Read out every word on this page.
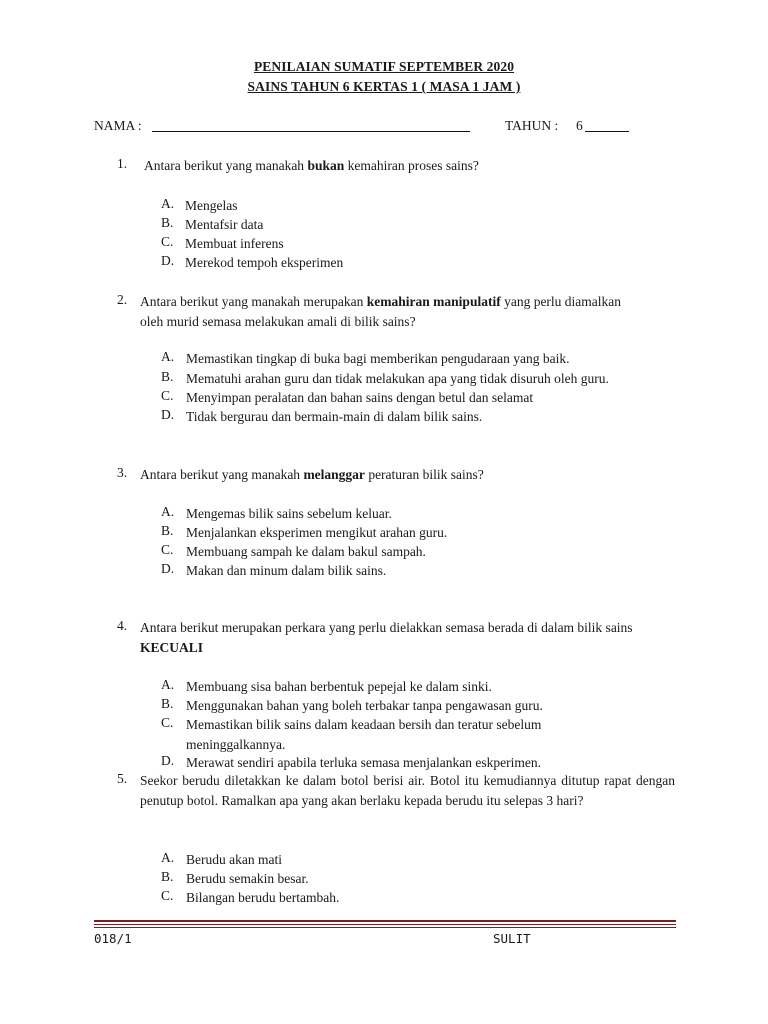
PENILAIAN SUMATIF SEPTEMBER 2020
SAINS TAHUN 6 KERTAS 1 ( MASA 1 JAM )
NAMA :	TAHUN : 6
1. Antara berikut yang manakah bukan kemahiran proses sains?
A. Mengelas
B. Mentafsir data
C. Membuat inferens
D. Merekod tempoh eksperimen
2. Antara berikut yang manakah merupakan kemahiran manipulatif yang perlu diamalkan oleh murid semasa melakukan amali di bilik sains?
A. Memastikan tingkap di buka bagi memberikan pengudaraan yang baik.
B. Mematuhi arahan guru dan tidak melakukan apa yang tidak disuruh oleh guru.
C. Menyimpan peralatan dan bahan sains dengan betul dan selamat
D. Tidak bergurau dan bermain-main di dalam bilik sains.
3. Antara berikut yang manakah melanggar peraturan bilik sains?
A. Mengemas bilik sains sebelum keluar.
B. Menjalankan eksperimen mengikut arahan guru.
C. Membuang sampah ke dalam bakul sampah.
D. Makan dan minum dalam bilik sains.
4. Antara berikut merupakan perkara yang perlu dielakkan semasa berada di dalam bilik sains KECUALI
A. Membuang sisa bahan berbentuk pepejal ke dalam sinki.
B. Menggunakan bahan yang boleh terbakar tanpa pengawasan guru.
C. Memastikan bilik sains dalam keadaan bersih dan teratur sebelum meninggalkannya.
D. Merawat sendiri apabila terluka semasa menjalankan eskperimen.
5. Seekor berudu diletakkan ke dalam botol berisi air. Botol itu kemudiannya ditutup rapat dengan penutup botol. Ramalkan apa yang akan berlaku kepada berudu itu selepas 3 hari?
A. Berudu akan mati
B. Berudu semakin besar.
C. Bilangan berudu bertambah.
018/1	SULIT
